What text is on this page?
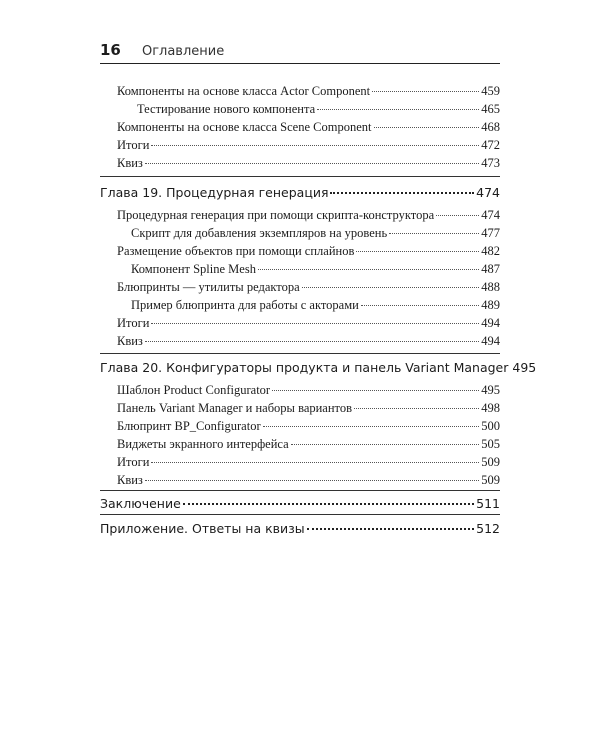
16 Оглавление
Компоненты на основе класса Actor Component	459
Тестирование нового компонента	465
Компоненты на основе класса Scene Component	468
Итоги	472
Квиз	473
Глава 19. Процедурная генерация	474
Процедурная генерация при помощи скрипта-конструктора	474
Скрипт для добавления экземпляров на уровень	477
Размещение объектов при помощи сплайнов	482
Компонент Spline Mesh	487
Блюпринты — утилиты редактора	488
Пример блюпринта для работы с акторами	489
Итоги	494
Квиз	494
Глава 20. Конфигураторы продукта и панель Variant Manager 495
Шаблон Product Configurator	495
Панель Variant Manager и наборы вариантов	498
Блюпринт BP_Configurator	500
Виджеты экранного интерфейса	505
Итоги	509
Квиз	509
Заключение	511
Приложение. Ответы на квизы	512
